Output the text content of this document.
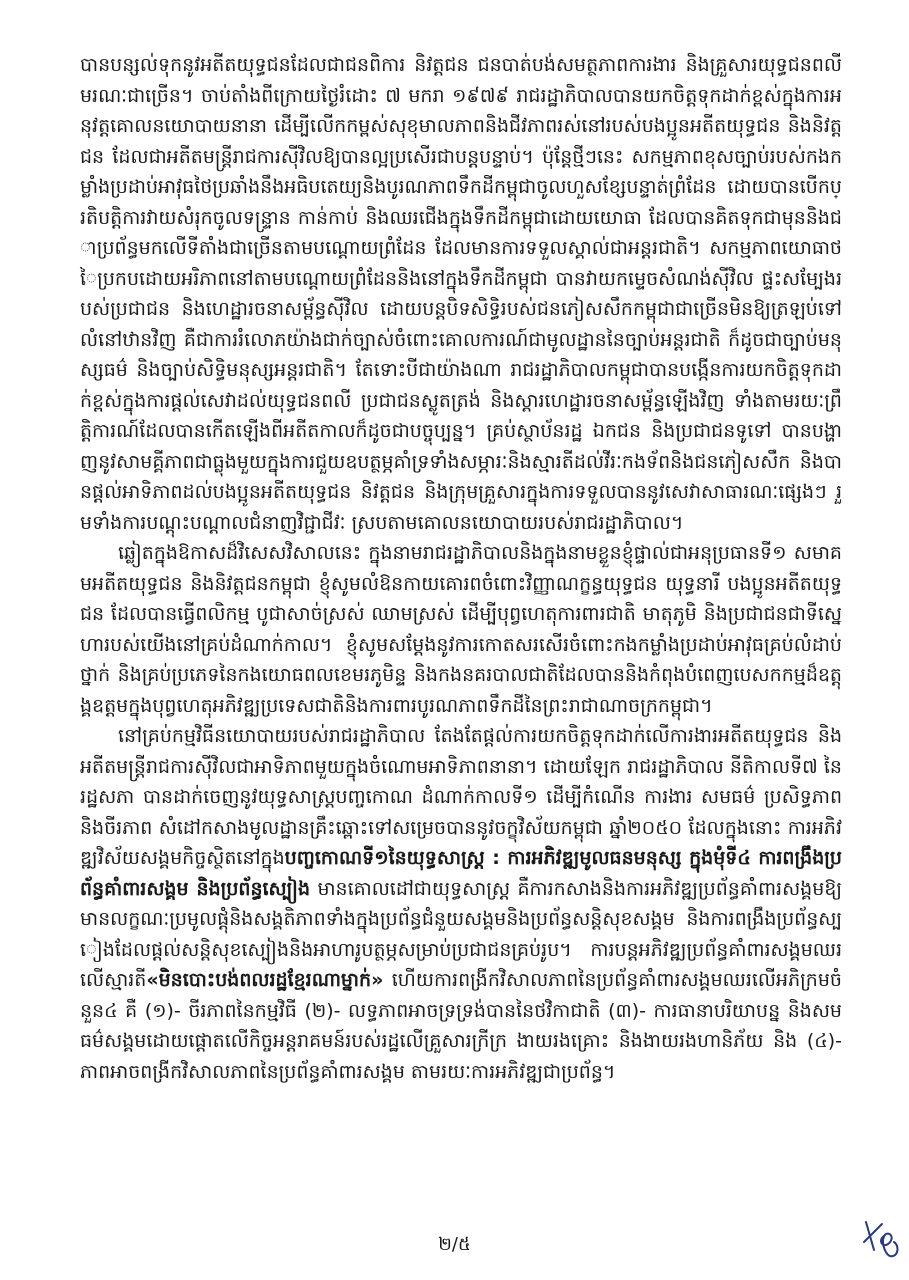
បានបន្សល់ទុកនូវអតីតយុទ្ធជនដែលជាជនពិការ និវត្តជន ជនបាត់បង់សមត្ថភាពការងារ និងគ្រួសារយុទ្ធជនពលីមរណៈជាច្រើន។ ចាប់តាំងពីក្រោយថ្ងៃរំដោះ ៧ មករា ១៩៧៩ រាជរដ្ឋាភិបាលបានយកចិត្តទុកដាក់ខ្ពស់ក្នុងការអនុវត្តគោលនយោបាយនានា ដើម្បីលើកកម្ពស់សុខុមាលភាពនិងជីវភាពរស់នៅរបស់បងប្អូនអតីតយុទ្ធជន និងនិវត្តជន ដែលជាអតីតមន្ត្រីរាជការស៊ីវិលឱ្យបានល្អប្រសើរជាបន្តបន្ទាប់។ ប៉ុន្តែថ្មីៗនេះ សកម្មភាពខុសច្បាប់របស់កងកម្លាំងប្រដាប់អាវុធថៃប្រឆាំងនឹងអធិបតេយ្យនិងបូរណភាពទឹកដីកម្ពុជាចូលហួសខ្សែបន្ទាត់ព្រំដែន ដោយបានបើកប្រតិបត្តិការវាយសំរុកចូលទន្ទ្រាន កាន់កាប់ និងឈរជើងក្នុងទឹកដីកម្ពុជាដោយយោធា ដែលបានគិតទុកជាមុននិងជាប្រព័ន្ធមកលើទីតាំងជាច្រើនតាមបណ្តោយព្រំដែន ដែលមានការទទួលស្គាល់ជាអន្តរជាតិ។ សកម្មភាពយោធាថៃប្រកបដោយអរិភាពនៅតាមបណ្តោយព្រំដែននិងនៅក្នុងទឹកដីកម្ពុជា បានវាយកម្ទេចសំណង់ស៊ីវិល ផ្ទះសម្បែងរបស់ប្រជាជន និងហេដ្ឋារចនាសម្ព័ន្ធស៊ីវិល ដោយបន្តបិទសិទ្ធិរបស់ជនភៀសសឹកកម្ពុជាជាច្រើនមិនឱ្យត្រឡប់ទៅលំនៅឋានវិញ គឺជាការរំលោភយ៉ាងជាក់ច្បាស់ចំពោះគោលការណ៍ជាមូលដ្ឋាននៃច្បាប់អន្តរជាតិ ក៏ដូចជាច្បាប់មនុស្សធម៌ និងច្បាប់សិទ្ធិមនុស្សអន្តរជាតិ។ តែទោះបីជាយ៉ាងណា រាជរដ្ឋាភិបាលកម្ពុជាបានបង្កើនការយកចិត្តទុកដាក់ខ្ពស់ក្នុងការផ្តល់សេវាដល់យុទ្ធជនពលី ប្រជាជនស្លូតត្រង់ និងស្តារហេដ្ឋារចនាសម្ព័ន្ធឡើងវិញ ទាំងតាមរយៈព្រឹត្តិការណ៍ដែលបានកើតឡើងពីអតីតកាលក៏ដូចជាបច្ចុប្បន្ន។ គ្រប់ស្ថាប័នរដ្ឋ ឯកជន និងប្រជាជនទូទៅ បានបង្ហាញនូវសាមគ្គីភាពជាធ្លុងមួយក្នុងការជួយឧបត្ថម្ភគាំទ្រទាំងសម្ភារៈនិងស្មារតីដល់វីរៈកងទ័ពនិងជនភៀសសឹក និងបានផ្តល់អាទិភាពដល់បងប្អូនអតីតយុទ្ធជន និវត្តជន និងក្រុមគ្រួសារក្នុងការទទួលបាននូវសេវាសាធារណៈផ្សេងៗ រួមទាំងការបណ្តុះបណ្តាលជំនាញវិជ្ជាជីវៈ ស្របតាមគោលនយោបាយរបស់រាជរដ្ឋាភិបាល។

ឆ្លៀតក្នុងឱកាសដ៏វិសេសវិសាលនេះ ក្នុងនាមរាជរដ្ឋាភិបាលនិងក្នុងនាមខ្លួនខ្ញុំផ្ទាល់ជាអនុប្រធានទី១ សមាគមអតីតយុទ្ធជន និងនិវត្តជនកម្ពុជា ខ្ញុំសូមលំឱនកាយគោរពចំពោះវិញ្ញាណក្ខន្ធយុទ្ធជន យុទ្ធនារី បងប្អូនអតីតយុទ្ធជន ដែលបានធ្វើពលិកម្ម បូជាសាច់ស្រស់ ឈាមស្រស់ ដើម្បីបុព្វហេតុការពារជាតិ មាតុភូមិ និងប្រជាជនជាទីស្នេហារបស់យើងនៅគ្រប់ដំណាក់កាល។ ខ្ញុំសូមសម្តែងនូវការកោតសរសើរចំពោះកងកម្លាំងប្រដាប់អាវុធគ្រប់លំដាប់ថ្នាក់ និងគ្រប់ប្រភេទនៃកងយោធពលខេមរភូមិន្ទ និងកងនគរបាលជាតិដែលបាននិងកំពុងបំពេញបេសកកម្មដ៏ឧត្តុង្គឧត្តមក្នុងបុព្វហេតុអភិវឌ្ឍប្រទេសជាតិនិងការពារបូរណភាពទឹកដីនៃព្រះរាជាណាចក្រកម្ពុជា។

នៅគ្រប់កម្មវិធីនយោបាយរបស់រាជរដ្ឋាភិបាល តែងតែផ្តល់ការយកចិត្តទុកដាក់លើការងារអតីតយុទ្ធជន និងអតីតមន្ត្រីរាជការស៊ីវិលជាអាទិភាពមួយក្នុងចំណោមអាទិភាពនានា។ ដោយឡែក រាជរដ្ឋាភិបាល នីតិកាលទី៧ នៃរដ្ឋសភា បានដាក់ចេញនូវយុទ្ធសាស្ត្របញ្ចកោណ ដំណាក់កាលទី១ ដើម្បីកំណើន ការងារ សមធម៌ ប្រសិទ្ធភាព និងចីរភាព សំដៅកសាងមូលដ្ឋានគ្រឹះឆ្ពោះទៅសម្រេចបាននូវចក្ខុវិស័យកម្ពុជា ឆ្នាំ២០៥០ ដែលក្នុងនោះ ការអភិវឌ្ឍវិស័យសង្គមកិច្ចស្ថិតនៅក្នុងបញ្ចកោណទី១នៃយុទ្ធសាស្ត្រ : ការអភិវឌ្ឍមូលធនមនុស្ស ក្នុងមុំទី៤ ការពង្រឹងប្រព័ន្ធគាំពារសង្គម និងប្រព័ន្ធស្បៀង មានគោលដៅជាយុទ្ធសាស្ត្រ គឺការកសាងនិងការអភិវឌ្ឍប្រព័ន្ធគាំពារសង្គមឱ្យមានលក្ខណៈប្រមូលផ្តុំនិងសង្គតិភាពទាំងក្នុងប្រព័ន្ធជំនួយសង្គមនិងប្រព័ន្ធសន្តិសុខសង្គម និងការពង្រឹងប្រព័ន្ធស្បៀងដែលផ្តល់សន្តិសុខស្បៀងនិងអាហារូបត្ថម្ភសម្រាប់ប្រជាជនគ្រប់រូប។ ការបន្តអភិវឌ្ឍប្រព័ន្ធគាំពារសង្គមឈរលើស្មារតី«មិនបោះបង់ពលរដ្ឋខ្មែរណាម្នាក់» ហើយការពង្រីកវិសាលភាពនៃប្រព័ន្ធគាំពារសង្គមឈរលើអភិក្រមចំនួន៤ គឺ (១)- ចីរភាពនៃកម្មវិធី (២)- លទ្ធភាពអាចទ្រទ្រង់បាននៃថវិកាជាតិ (៣)- ការធានាបរិយាបន្ន និងសមធម៌សង្គមដោយផ្តោតលើកិច្ចអន្តរាគមន៍របស់រដ្ឋលើគ្រួសារក្រីក្រ ងាយរងគ្រោះ និងងាយរងហានិភ័យ និង (៤)- ភាពអាចពង្រីកវិសាលភាពនៃប្រព័ន្ធគាំពារសង្គម តាមរយៈការអភិវឌ្ឍជាប្រព័ន្ធ។

២/៥
